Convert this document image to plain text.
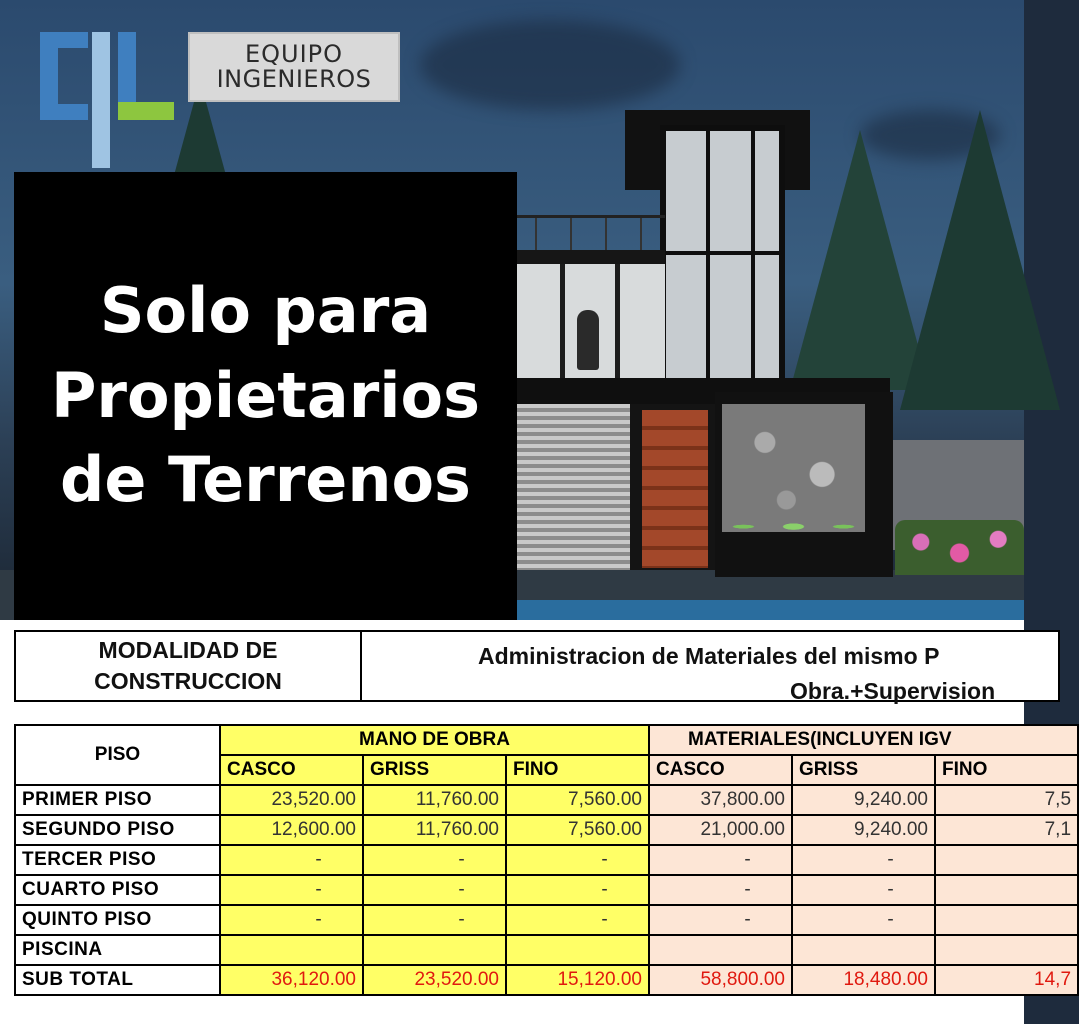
EQUIPO
INGENIEROS
Solo para
Propietarios
de Terrenos
MODALIDAD DE
CONSTRUCCION
Administracion de Materiales del mismo P
Obra.+Supervision
PISO	MANO DE OBRA			MATERIALES(INCLUYEN IGV		
	CASCO	GRISS	FINO	CASCO	GRISS	FINO
PRIMER PISO	23,520.00	11,760.00	7,560.00	37,800.00	9,240.00	7,5
SEGUNDO PISO	12,600.00	11,760.00	7,560.00	21,000.00	9,240.00	7,1
TERCER PISO	-	-	-	-	-	
CUARTO PISO	-	-	-	-	-	
QUINTO PISO	-	-	-	-	-	
PISCINA						
SUB TOTAL	36,120.00	23,520.00	15,120.00	58,800.00	18,480.00	14,7
